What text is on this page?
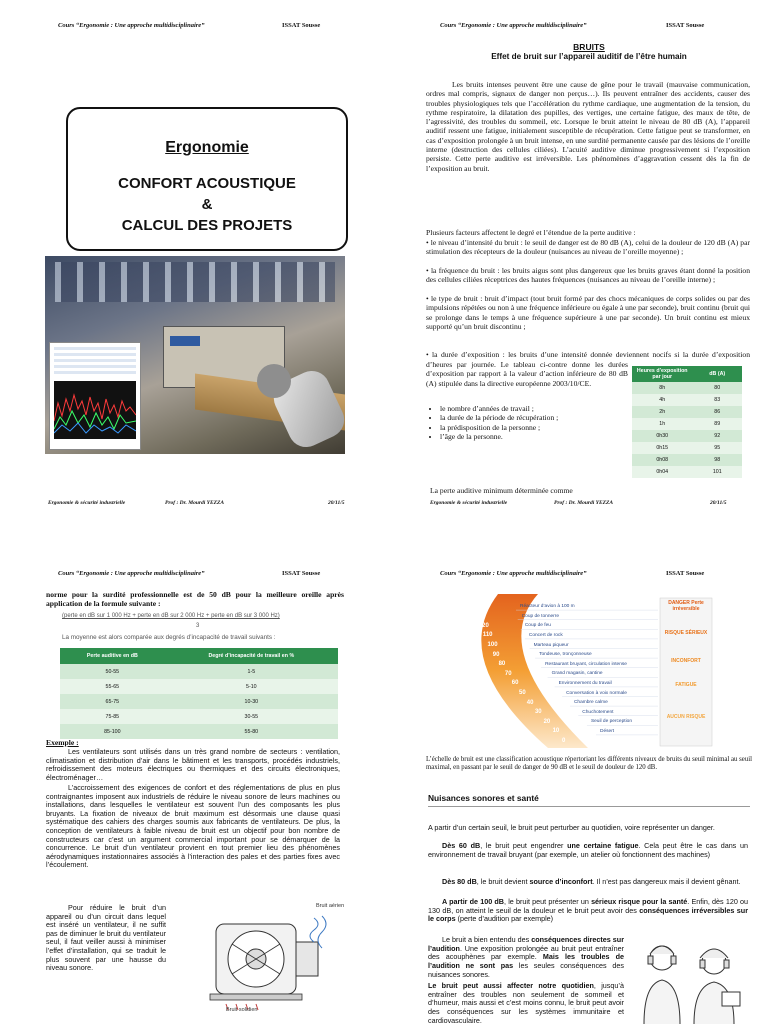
Cours “Ergonomie : Une approche multidisciplinaire”	ISSAT Sousse
Ergonomie
CONFORT ACOUSTIQUE
&
CALCUL DES PROJETS
Ergonomie & sécurité industrielle	Prof : Dr. Mourdi YEZZA	20/11/5
Cours “Ergonomie : Une approche multidisciplinaire”	ISSAT Sousse
BRUITS
Effet de bruit sur l’appareil auditif de l’être humain
Les bruits intenses peuvent être une cause de gêne pour le travail (mauvaise communication, ordres mal compris, signaux de danger non perçus…). Ils peuvent entraîner des accidents, causer des troubles physiologiques tels que l’accélération du rythme cardiaque, une augmentation de la tension, du rythme respiratoire, la dilatation des pupilles, des vertiges, une certaine fatigue, des maux de tête, de l’agressivité, des troubles du sommeil, etc. Lorsque le bruit atteint le niveau de 80 dB (A), l’appareil auditif ressent une fatigue, initialement susceptible de récupération. Cette fatigue peut se transformer, en cas d’exposition prolongée à un bruit intense, en une surdité permanente causée par des lésions de l’oreille interne (destruction des cellules ciliées). L’acuité auditive diminue progressivement si l’exposition persiste. Cette perte auditive est irréversible. Les phénomènes d’aggravation cessent dès la fin de l’exposition au bruit.
Plusieurs facteurs affectent le degré et l’étendue de la perte auditive :
• le niveau d’intensité du bruit : le seuil de danger est de 80 dB (A), celui de la douleur de 120 dB (A) par stimulation des récepteurs de la douleur (nuisances au niveau de l’oreille moyenne) ;
• la fréquence du bruit : les bruits aigus sont plus dangereux que les bruits graves étant donné la position des cellules ciliées réceptrices des hautes fréquences (nuisances au niveau de l’oreille interne) ;
• le type de bruit : bruit d’impact (tout bruit formé par des chocs mécaniques de corps solides ou par des impulsions répétées ou non à une fréquence inférieure ou égale à une par seconde), bruit continu (bruit qui se prolonge dans le temps à une fréquence supérieure à une par seconde). Un bruit continu est mieux supporté qu’un bruit discontinu ;
• la durée d’exposition : les bruits d’une intensité donnée deviennent nocifs si la durée d’exposition
d’heures par journée. Le tableau ci-contre donne les durées d’exposition par rapport à la valeur d’action inférieure de 80 dB (A) stipulée dans la directive européenne 2003/10/CE.
• le nombre d’années de travail ;
• la durée de la période de récupération ;
• la prédisposition de la personne ;
• l’âge de la personne.
La perte auditive minimum déterminée comme
Heures d’exposition par jour	dB (A)
8h	80
4h	83
2h	86
1h	89
0h30	92
0h15	95
0h08	98
0h04	101
Ergonomie & sécurité industrielle	Prof : Dr. Mourdi YEZZA	20/11/5
Cours “Ergonomie : Une approche multidisciplinaire”	ISSAT Sousse
norme pour la surdité professionnelle est de 50 dB pour la meilleure oreille après application de la formule suivante :
(perte en dB sur 1 000 Hz + perte en dB sur 2 000 Hz + perte en dB sur 3 000 Hz)
3
La moyenne est alors comparée aux degrés d’incapacité de travail suivants :
Perte auditive en dB	Degré d’incapacité de travail en %
50-55	1-5
55-65	5-10
65-75	10-30
75-85	30-55
85-100	55-80
Exemple :
Les ventilateurs sont utilisés dans un très grand nombre de secteurs : ventilation, climatisation et distribution d’air dans le bâtiment et les transports, procédés industriels, refroidissement des moteurs électriques ou thermiques et des circuits électroniques, électroménager…
L’accroissement des exigences de confort et des réglementations de plus en plus contraignantes imposent aux industriels de réduire le niveau sonore de leurs machines ou installations, dans lesquelles le ventilateur est souvent l’un des composants les plus bruyants. La fixation de niveaux de bruit maximum est désormais une clause quasi systématique des cahiers des charges soumis aux fabricants de ventilateurs. De plus, la conception de ventilateurs à faible niveau de bruit est un objectif pour bon nombre de constructeurs car c’est un argument commercial important pour se démarquer de la concurrence. Le bruit d’un ventilateur provient en tout premier lieu des phénomènes aérodynamiques instationnaires associés à l’interaction des pales et des parties fixes avec l’écoulement.
Pour réduire le bruit d’un appareil ou d’un circuit dans lequel est inséré un ventilateur, il ne suffit pas de diminuer le bruit du ventilateur seul, il faut veiller aussi à minimiser l’effet d’installation, qui se traduit le plus souvent par une hausse du niveau sonore.
Bruit aérien
Bruit solidien
Cours “Ergonomie : Une approche multidisciplinaire”	ISSAT Sousse
Db
140
130
120
110
100
90
80
70
60
50
40
30
20
10
0
Réacteur d’avion à 100 m
Coup de tonnerre
Coup de feu
Concert de rock
Marteau piqueur
Tondeuse, tronçonneuse
Restaurant bruyant, circulation intense
Grand magasin, cantine
Environnement du travail
Conversation à voix normale
Chambre calme
Chuchotement
Seuil de perception
Désert
DANGER Perte irréversible
RISQUE SÉRIEUX
INCONFORT
FATIGUE
AUCUN RISQUE
L’échelle de bruit est une classification acoustique répertoriant les différents niveaux de bruits du seuil minimal au seuil maximal, en passant par le seuil de danger de 90 dB et le seuil de douleur de 120 dB.
Nuisances sonores et santé
A partir d’un certain seuil, le bruit peut perturber au quotidien, voire représenter un danger.
Dès 60 dB, le bruit peut engendrer une certaine fatigue. Cela peut être le cas dans un environnement de travail bruyant (par exemple, un atelier où fonctionnent des machines)
Dès 80 dB, le bruit devient source d’inconfort. Il n’est pas dangereux mais il devient gênant.
A partir de 100 dB, le bruit peut présenter un sérieux risque pour la santé. Enfin, dès 120 ou 130 dB, on atteint le seuil de la douleur et le bruit peut avoir des conséquences irréversibles sur le corps (perte d’audition par exemple)
Le bruit a bien entendu des conséquences directes sur l’audition. Une exposition prolongée au bruit peut entraîner des acouphènes par exemple. Mais les troubles de l’audition ne sont pas les seules conséquences des nuisances sonores.
Le bruit peut aussi affecter notre quotidien, jusqu’à entraîner des troubles non seulement de sommeil et d’humeur, mais aussi et c’est moins connu, le bruit peut avoir des conséquences sur les systèmes immunitaire et cardiovasculaire.
